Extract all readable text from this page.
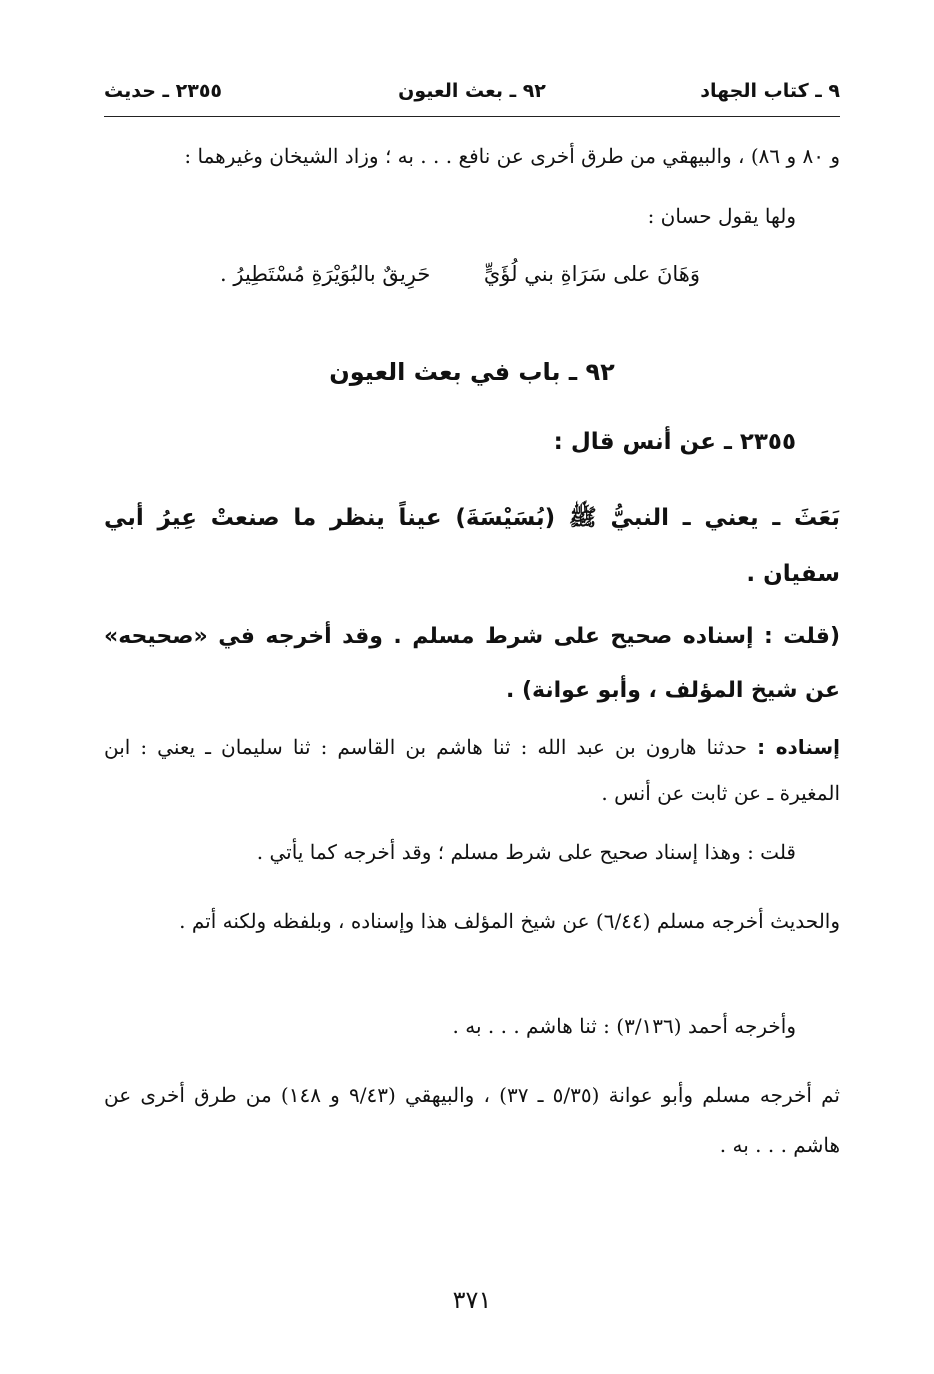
٩ ـ كتاب الجهاد
٩٢ ـ بعث العيون
٢٣٥٥ ـ حديث
و ٨٠ و ٨٦) ، والبيهقي من طرق أخرى عن نافع . . . به ؛ وزاد الشيخان وغيرهما :
ولها يقول حسان :
وَهَانَ على سَرَاةِ بني لُؤَيٍّ
حَرِيقٌ بالبُوَيْرَةِ مُسْتَطِيرُ .
٩٢ ـ باب في بعث العيون
٢٣٥٥ ـ عن أنس قال :
بَعَثَ ـ يعني ـ النبيُّ ﷺ (بُسَيْسَةَ) عيناً ينظر ما صنعتْ عِيرُ أبي سفيان .
(قلت : إسناده صحيح على شرط مسلم . وقد أخرجه في «صحيحه» عن شيخ المؤلف ، وأبو عوانة) .
إسناده : حدثنا هارون بن عبد الله : ثنا هاشم بن القاسم : ثنا سليمان ـ يعني : ابن المغيرة ـ عن ثابت عن أنس .
قلت : وهذا إسناد صحيح على شرط مسلم ؛ وقد أخرجه كما يأتي .
والحديث أخرجه مسلم (٦/٤٤) عن شيخ المؤلف هذا وإسناده ، وبلفظه ولكنه أتم .
وأخرجه أحمد (٣/١٣٦) : ثنا هاشم . . . به .
ثم أخرجه مسلم وأبو عوانة (٥/٣٥ ـ ٣٧) ، والبيهقي (٩/٤٣ و ١٤٨) من طرق أخرى عن هاشم . . . به .
٣٧١
